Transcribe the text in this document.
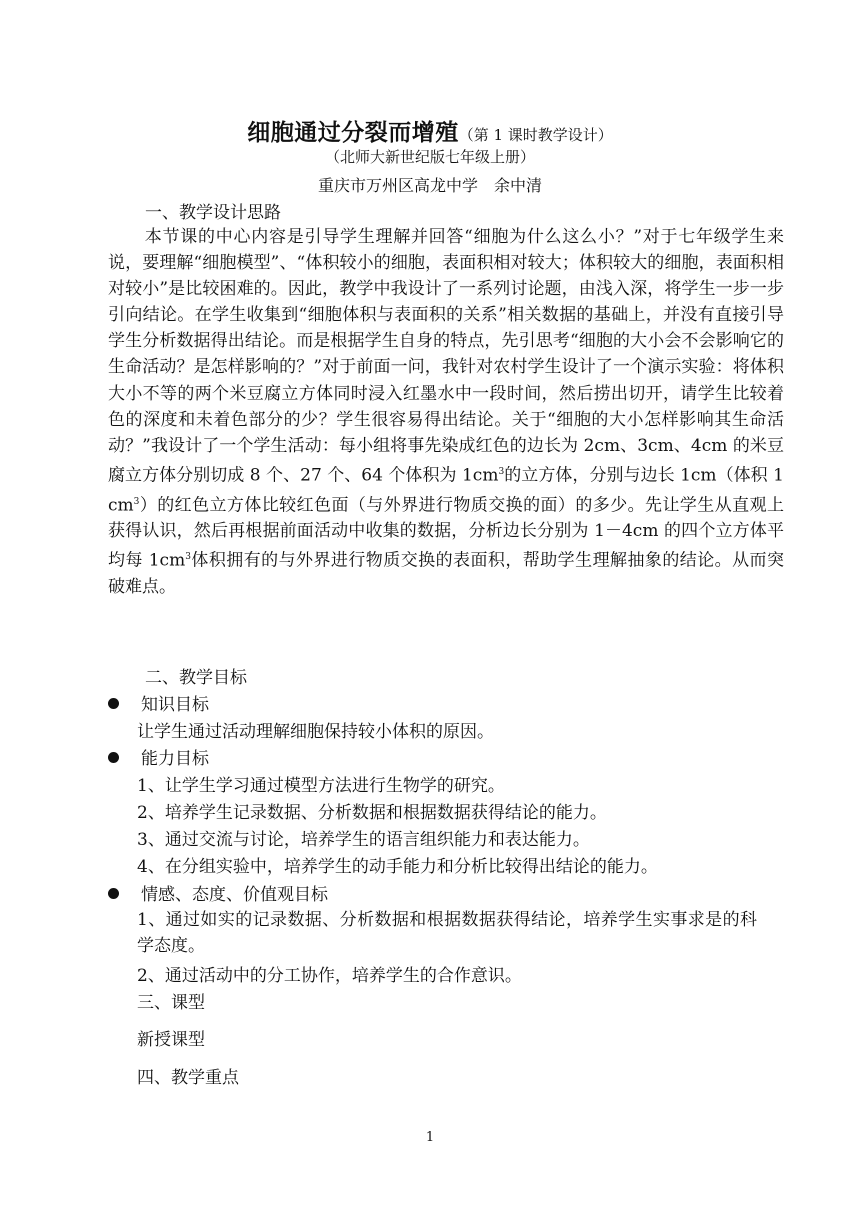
细胞通过分裂而增殖（第 1 课时教学设计）
（北师大新世纪版七年级上册）
重庆市万州区高龙中学　余中清
一、教学设计思路
本节课的中心内容是引导学生理解并回答“细胞为什么这么小？”对于七年级学生来说，要理解“细胞模型”、“体积较小的细胞，表面积相对较大；体积较大的细胞，表面积相对较小”是比较困难的。因此，教学中我设计了一系列讨论题，由浅入深，将学生一步一步引向结论。在学生收集到“细胞体积与表面积的关系”相关数据的基础上，并没有直接引导学生分析数据得出结论。而是根据学生自身的特点，先引思考“细胞的大小会不会影响它的生命活动？是怎样影响的？”对于前面一问，我针对农村学生设计了一个演示实验：将体积大小不等的两个米豆腐立方体同时浸入红墨水中一段时间，然后捞出切开，请学生比较着色的深度和未着色部分的少？学生很容易得出结论。关于“细胞的大小怎样影响其生命活动？”我设计了一个学生活动：每小组将事先染成红色的边长为 2cm、3cm、4cm 的米豆腐立方体分别切成 8 个、27 个、64 个体积为 $1cm^3$的立方体，分别与边长 1cm（体积 $1cm^3$）的红色立方体比较红色面（与外界进行物质交换的面）的多少。先让学生从直观上获得认识，然后再根据前面活动中收集的数据，分析边长分别为 1－4cm 的四个立方体平均每 $1cm^3$体积拥有的与外界进行物质交换的表面积，帮助学生理解抽象的结论。从而突破难点。
二、教学目标
知识目标
让学生通过活动理解细胞保持较小体积的原因。
能力目标
1、让学生学习通过模型方法进行生物学的研究。
2、培养学生记录数据、分析数据和根据数据获得结论的能力。
3、通过交流与讨论，培养学生的语言组织能力和表达能力。
4、在分组实验中，培养学生的动手能力和分析比较得出结论的能力。
情感、态度、价值观目标
1、通过如实的记录数据、分析数据和根据数据获得结论，培养学生实事求是的科学态度。
2、通过活动中的分工协作，培养学生的合作意识。
三、课型
新授课型
四、教学重点
1
